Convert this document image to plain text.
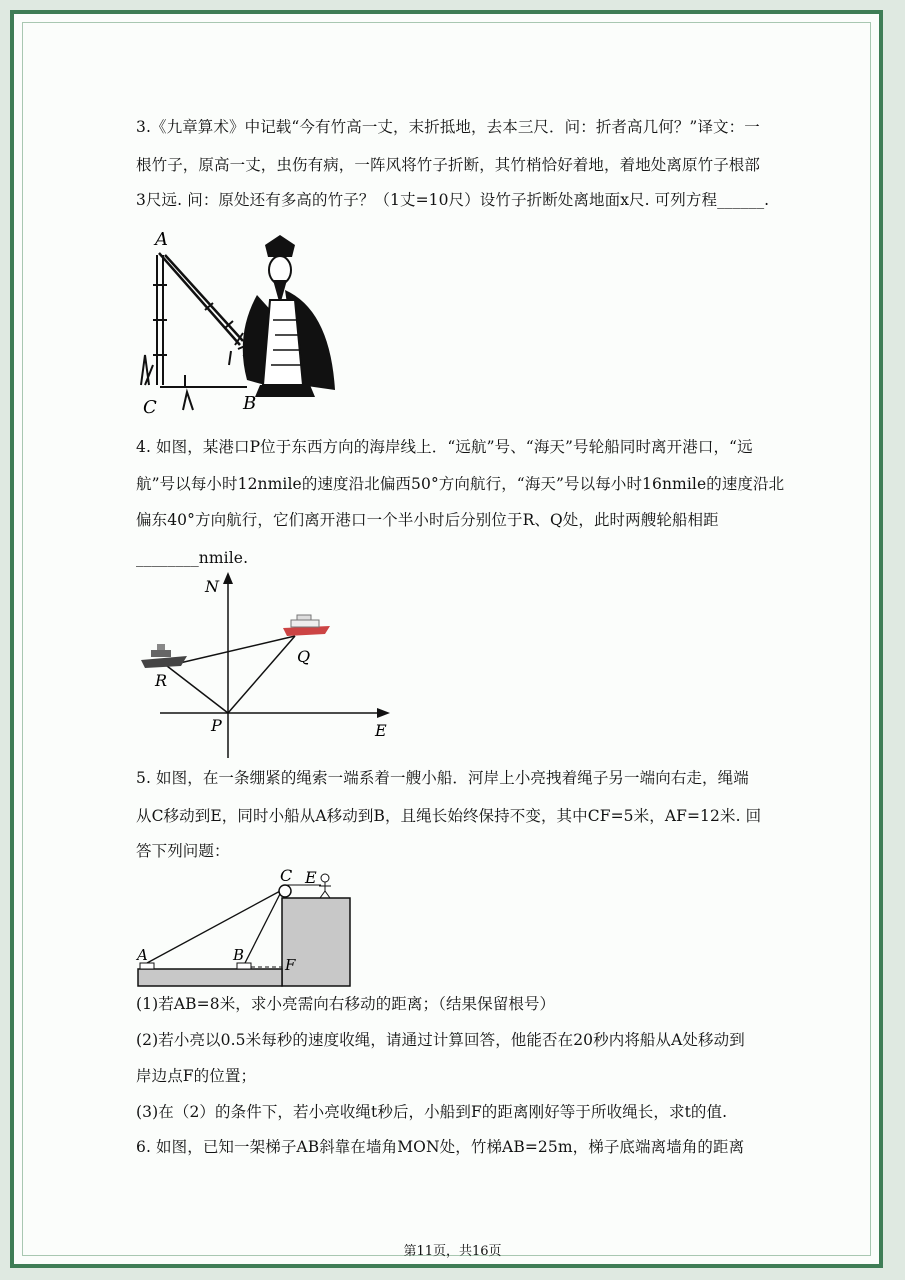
3.《九章算术》中记载“今有竹高一丈，末折抵地，去本三尺．问：折者高几何？”译文：一
根竹子，原高一丈，虫伤有病，一阵风将竹子折断，其竹梢恰好着地，着地处离原竹子根部
3尺远. 问：原处还有多高的竹子？（1丈=10尺）设竹子折断处离地面x尺. 可列方程______.
A
C	B
4. 如图，某港口P位于东西方向的海岸线上．“远航”号、“海天”号轮船同时离开港口，“远
航”号以每小时12nmile的速度沿北偏西50°方向航行，“海天”号以每小时16nmile的速度沿北
偏东40°方向航行，它们离开港口一个半小时后分别位于R、Q处，此时两艘轮船相距
________nmile.
N
E
P
R
Q
5. 如图，在一条绷紧的绳索一端系着一艘小船．河岸上小亮拽着绳子另一端向右走，绳端
从C移动到E，同时小船从A移动到B，且绳长始终保持不变，其中CF=5米，AF=12米. 回
答下列问题：
C E
A	B
F
(1)若AB=8米，求小亮需向右移动的距离；（结果保留根号）
(2)若小亮以0.5米每秒的速度收绳，请通过计算回答，他能否在20秒内将船从A处移动到
岸边点F的位置；
(3)在（2）的条件下，若小亮收绳t秒后，小船到F的距离刚好等于所收绳长，求t的值.
6. 如图，已知一架梯子AB斜靠在墙角MON处，竹梯AB=25m，梯子底端离墙角的距离
第11页，共16页
